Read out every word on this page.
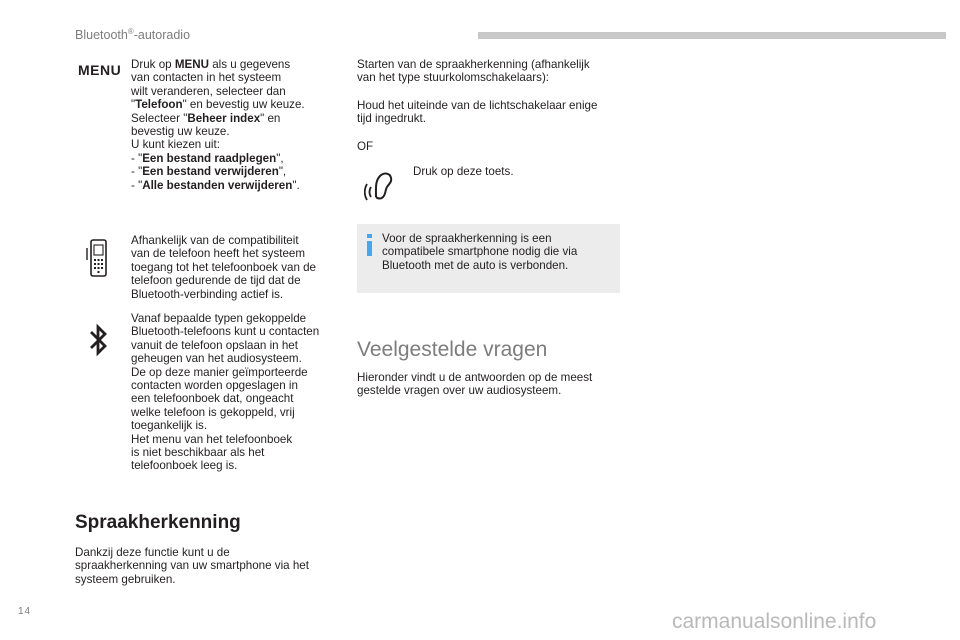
Bluetooth®-autoradio
MENU Druk op MENU als u gegevens

van contacten in het systeem

wilt veranderen, selecteer dan

"Telefoon" en bevestig uw keuze.

Selecteer "Beheer index" en

bevestig uw keuze.

U kunt kiezen uit:

- "Een bestand raadplegen",

- "Een bestand verwijderen",

- "Alle bestanden verwijderen".

Afhankelijk van de compatibiliteit

van de telefoon heeft het systeem

toegang tot het telefoonboek van de

telefoon gedurende de tijd dat de

Bluetooth-verbinding actief is.

Vanaf bepaalde typen gekoppelde

Bluetooth-telefoons kunt u contacten

vanuit de telefoon opslaan in het

geheugen van het audiosysteem.

De op deze manier geïmporteerde

contacten worden opgeslagen in

een telefoonboek dat, ongeacht

welke telefoon is gekoppeld, vrij

toegankelijk is.

Het menu van het telefoonboek

is niet beschikbaar als het

telefoonboek leeg is.

Spraakherkenning

Dankzij deze functie kunt u de

spraakherkenning van uw smartphone via het

systeem gebruiken.

Starten van de spraakherkenning (afhankelijk

van het type stuurkolomschakelaars):

Houd het uiteinde van de lichtschakelaar enige

tijd ingedrukt.

OF
Druk op deze toets.

Voor de spraakherkenning is een

compatibele smartphone nodig die via

Bluetooth met de auto is verbonden.

Veelgestelde vragen

Hieronder vindt u de antwoorden op de meest

gestelde vragen over uw audiosysteem.

14	carmanualsonline.info
